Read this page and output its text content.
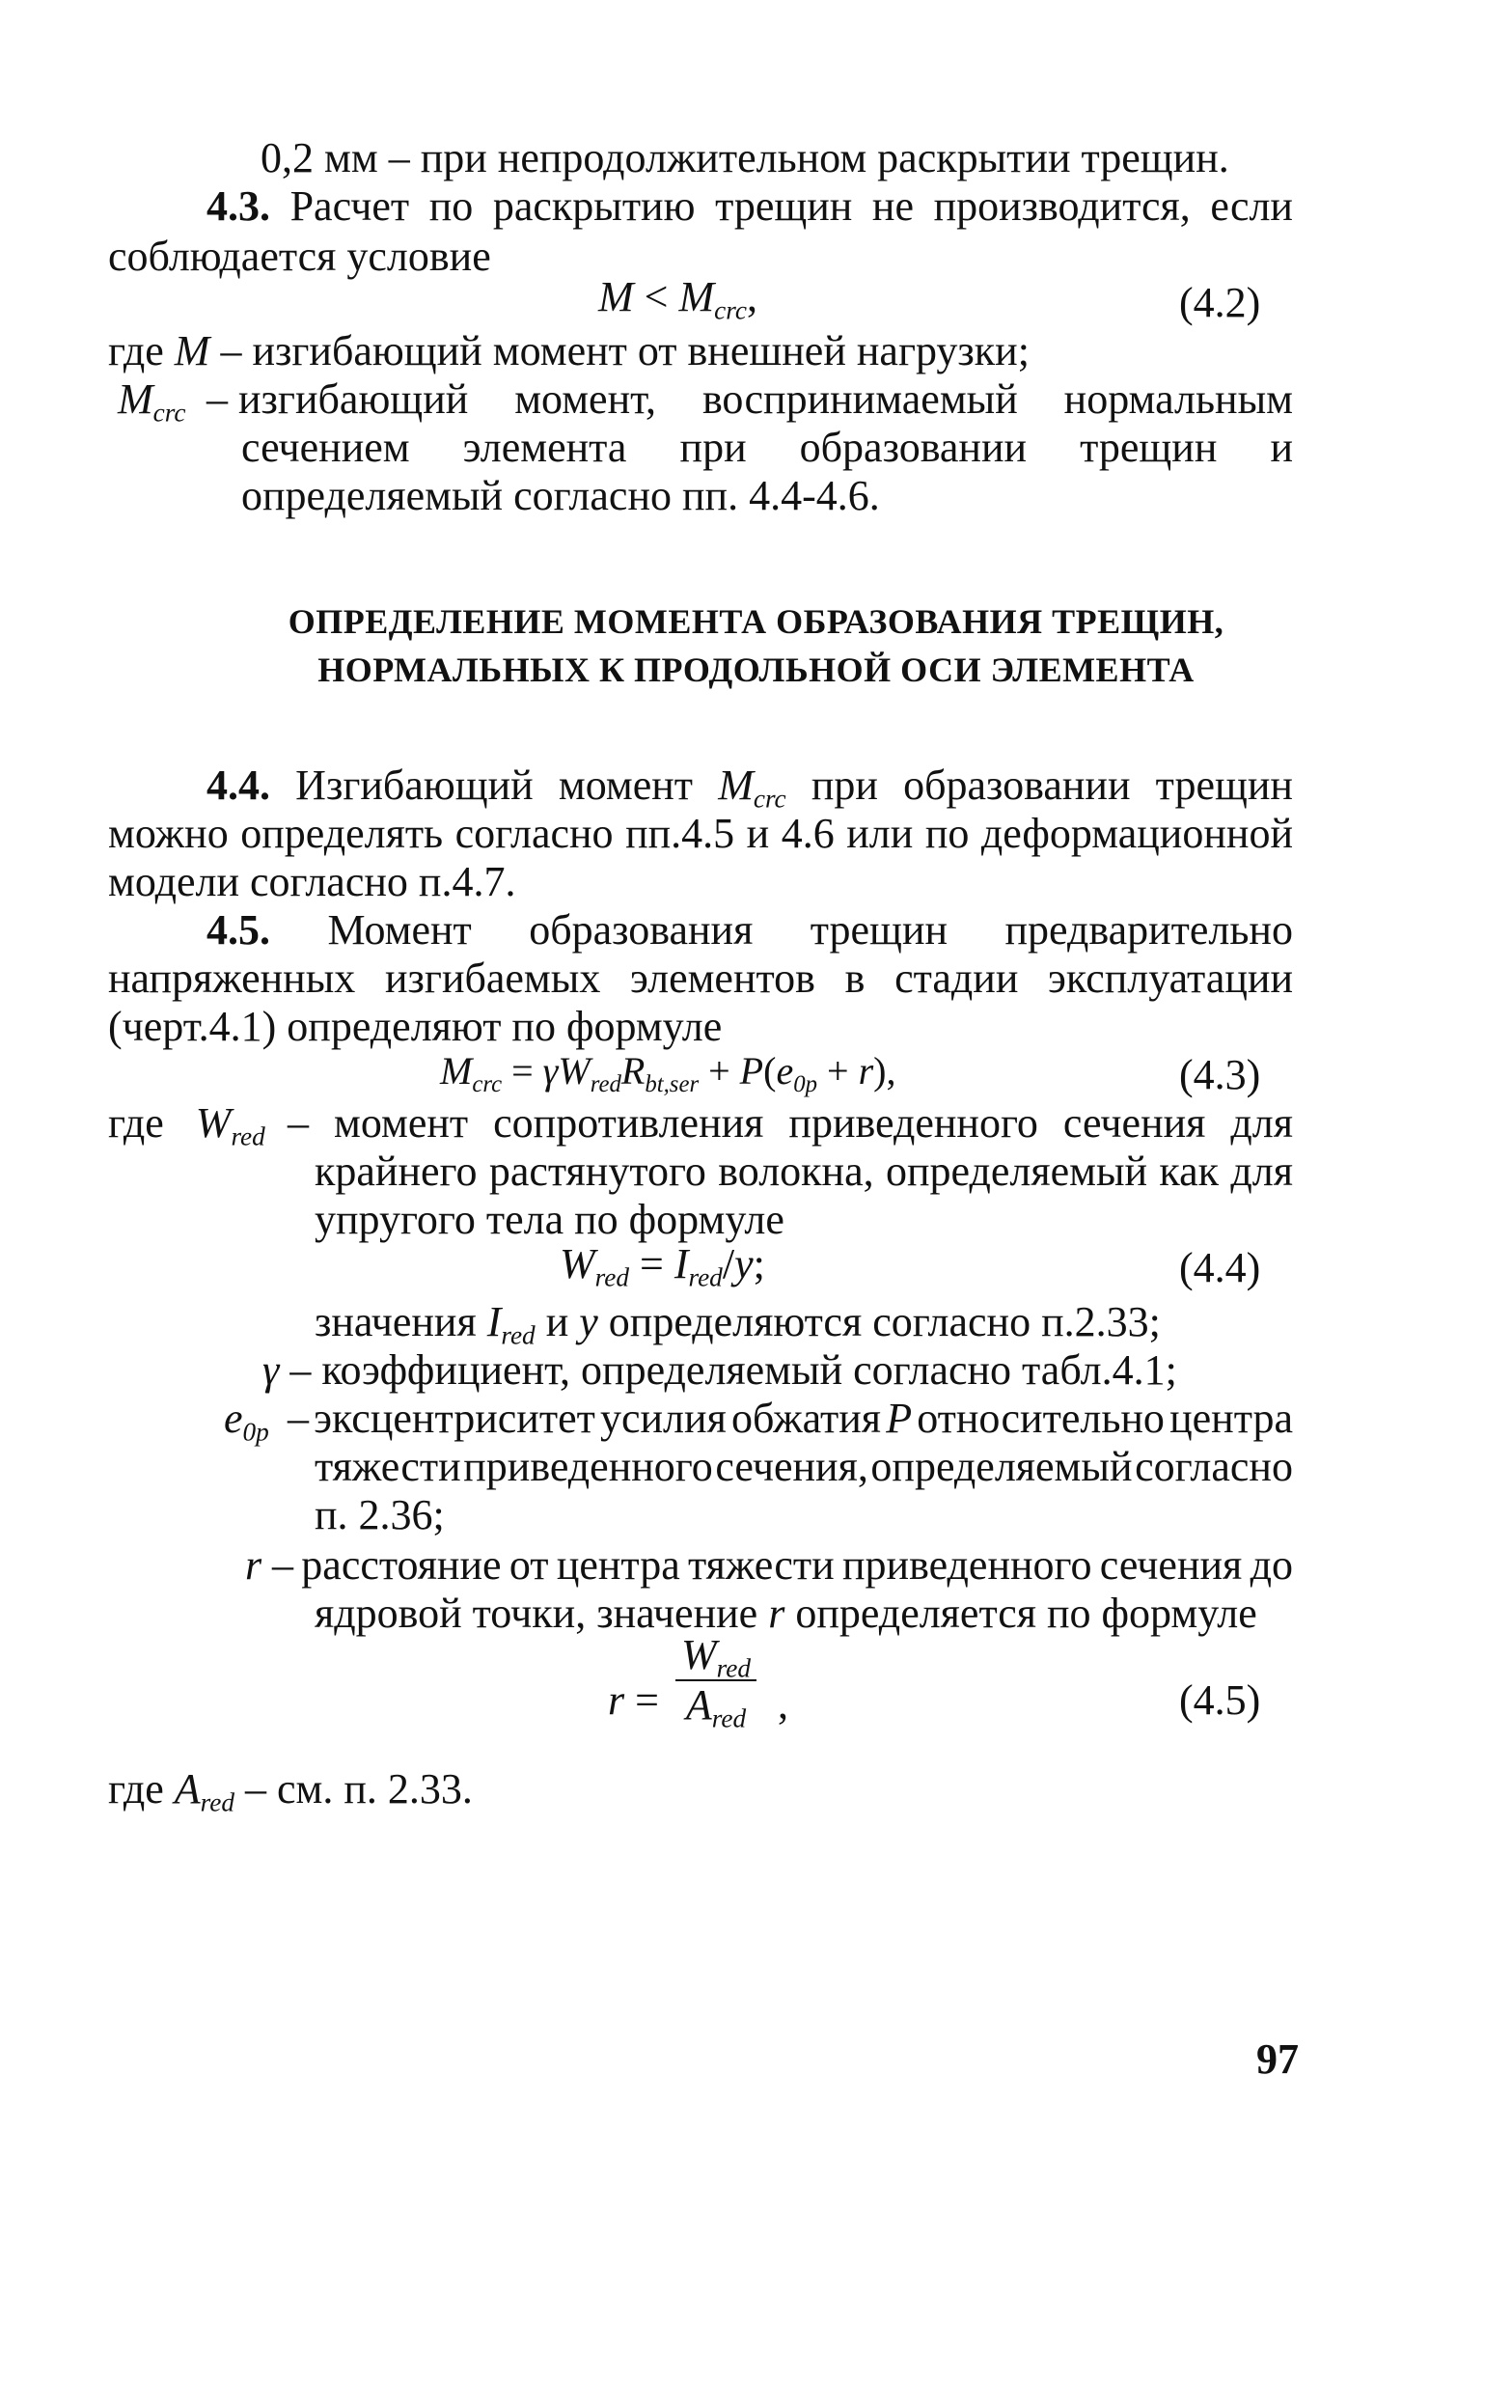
0,2 мм – при непродолжительном раскрытии трещин.
4.3. Расчет по раскрытию трещин не производится, если
соблюдается условие
$M < M_{crc}$,	(4.2)
где M – изгибающий момент от внешней нагрузки;
$M_{crc}$ – изгибающий момент, воспринимаемый нормальным
сечением элемента при образовании трещин и
определяемый согласно пп. 4.4-4.6.
ОПРЕДЕЛЕНИЕ МОМЕНТА ОБРАЗОВАНИЯ ТРЕЩИН,
НОРМАЛЬНЫХ К ПРОДОЛЬНОЙ ОСИ ЭЛЕМЕНТА
4.4. Изгибающий момент $M_{crc}$ при образовании трещин
можно определять согласно пп.4.5 и 4.6 или по деформационной
модели согласно п.4.7.
4.5. Момент образования трещин предварительно
напряженных изгибаемых элементов в стадии эксплуатации
(черт.4.1) определяют по формуле
$M_{crc} = \gamma W_{red}R_{bt,ser} + P(e_{0p} + r)$,	(4.3)
где $W_{red}$ – момент сопротивления приведенного сечения для
крайнего растянутого волокна, определяемый как для
упругого тела по формуле
$W_{red} = I_{red}/y$;	(4.4)
значения $I_{red}$ и y определяются согласно п.2.33;
γ – коэффициент, определяемый согласно табл.4.1;
$e_{0p}$ – эксцентриситет усилия обжатия P относительно центра
тяжести приведенного сечения, определяемый согласно
п. 2.36;
r – расстояние от центра тяжести приведенного сечения до
ядровой точки, значение r определяется по формуле
r =
$W_{red}$
$A_{red}$ ,	(4.5)
где $A_{red}$ – см. п. 2.33.
97
